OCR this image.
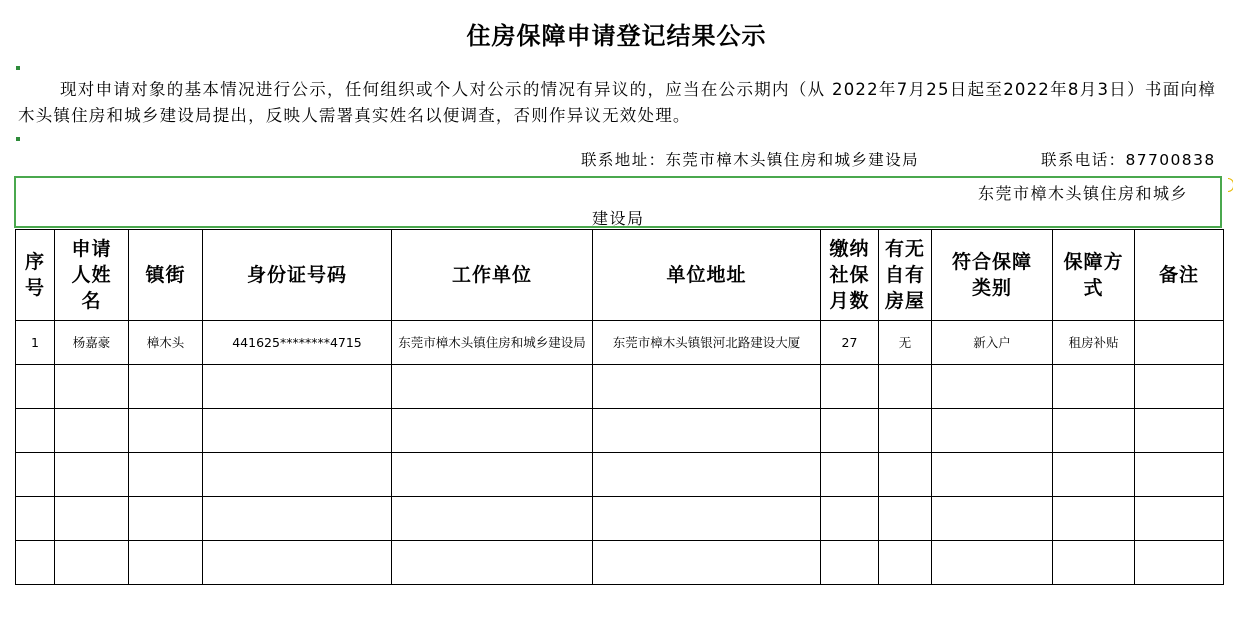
住房保障申请登记结果公示
现对申请对象的基本情况进行公示，任何组织或个人对公示的情况有异议的，应当在公示期内（从 2022年7月25日起至2022年8月3日）书面向樟木头镇住房和城乡建设局提出，反映人需署真实姓名以便调查，否则作异议无效处理。
联系地址：东莞市樟木头镇住房和城乡建设局	联系电话：87700838
东莞市樟木头镇住房和城乡
建设局
序号	申请人姓名	镇街	身份证号码	工作单位	单位地址	缴纳社保月数	有无自有房屋	符合保障类别	保障方式	备注
1	杨嘉豪	樟木头	441625********4715	东莞市樟木头镇住房和城乡建设局	东莞市樟木头镇银河北路建设大厦	27	无	新入户	租房补贴	
